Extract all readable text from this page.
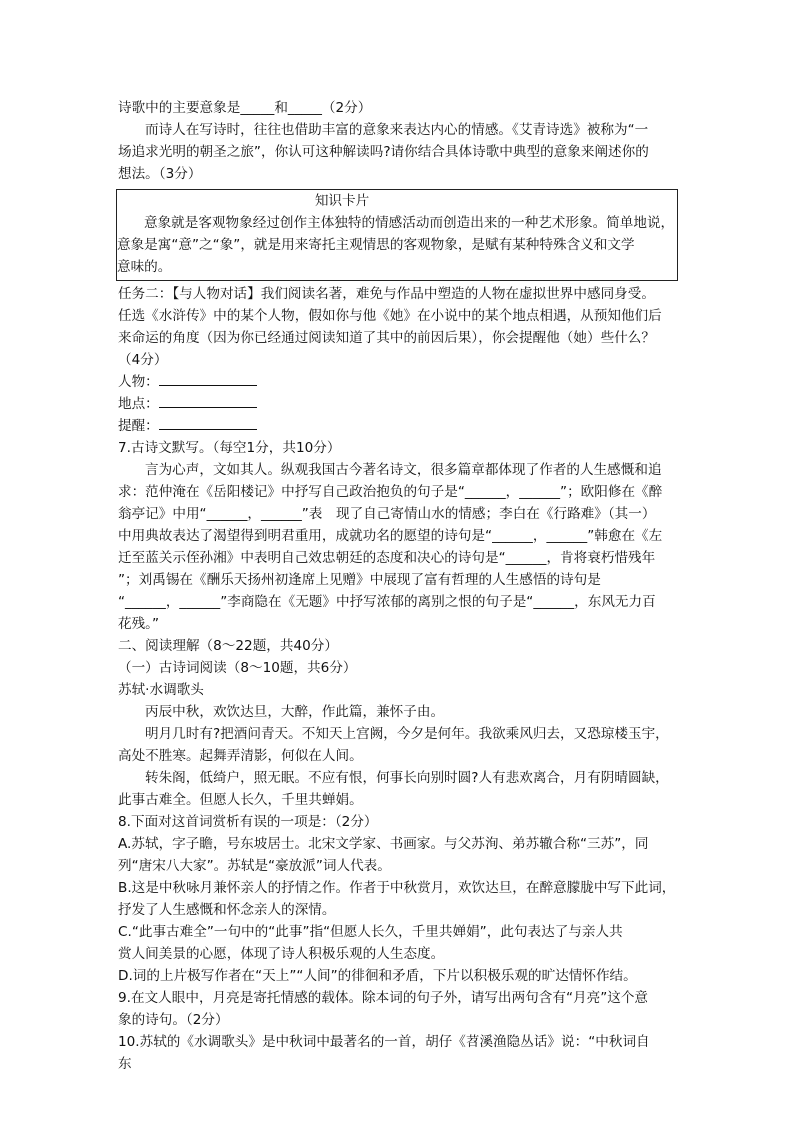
诗歌中的主要意象是_____和_____（2分）

而诗人在写诗时，往往也借助丰富的意象来表达内心的情感。《艾青诗选》被称为“一

场追求光明的朝圣之旅”，你认可这种解读吗?请你结合具体诗歌中典型的意象来阐述你的

想法。（3分）

知识卡片

意象就是客观物象经过创作主体独特的情感活动而创造出来的一种艺术形象。简单地说，

意象是寓“意”之“象”，就是用来寄托主观情思的客观物象，是赋有某种特殊含义和文学

意味的。

任务二：【与人物对话】我们阅读名著，难免与作品中塑造的人物在虚拟世界中感同身受。

任选《水浒传》中的某个人物，假如你与他《她》在小说中的某个地点相遇，从预知他们后

来命运的角度（因为你已经通过阅读知道了其中的前因后果），你会提醒他（她）些什么？

（4分）

人物：

地点：

提醒：

7.古诗文默写。（每空1分，共10分）

言为心声，文如其人。纵观我国古今著名诗文，很多篇章都体现了作者的人生感慨和追

求：范仲淹在《岳阳楼记》中抒写自己政治抱负的句子是“______，______”；欧阳修在《醉

翁亭记》中用“______，______”表　现了自己寄情山水的情感；李白在《行路难》（其一）

中用典故表达了渴望得到明君重用，成就功名的愿望的诗句是“______，______”韩愈在《左

迁至蓝关示侄孙湘》中表明自己效忠朝廷的态度和决心的诗句是“______，肯将衰朽惜残年

”；刘禹锡在《酬乐天扬州初逢席上见赠》中展现了富有哲理的人生感悟的诗句是

“______，______”李商隐在《无题》中抒写浓郁的离别之恨的句子是“______，东风无力百

花残。”

二、阅读理解（8～22题，共40分）

（一）古诗词阅读（8～10题，共6分）

苏轼·水调歌头

丙辰中秋，欢饮达旦，大醉，作此篇，兼怀子由。

明月几时有?把酒问青天。不知天上宫阙，今夕是何年。我欲乘风归去，又恐琼楼玉宇，

高处不胜寒。起舞弄清影，何似在人间。

转朱阁，低绮户，照无眠。不应有恨，何事长向别时圆?人有悲欢离合，月有阴晴圆缺，

此事古难全。但愿人长久，千里共蝉娟。

8.下面对这首词赏析有误的一项是：（2分）

A.苏轼，字子瞻，号东坡居士。北宋文学家、书画家。与父苏洵、弟苏辙合称“三苏”，同

列“唐宋八大家”。苏轼是“豪放派”词人代表。

B.这是中秋咏月兼怀亲人的抒情之作。作者于中秋赏月，欢饮达旦，在醉意朦胧中写下此词，

抒发了人生感慨和怀念亲人的深情。

C.“此事古难全”一句中的“此事”指“但愿人长久，千里共婵娟”，此句表达了与亲人共

赏人间美景的心愿，体现了诗人积极乐观的人生态度。

D.词的上片极写作者在“天上”“人间”的徘徊和矛盾，下片以积极乐观的旷达情怀作结。

9.在文人眼中，月亮是寄托情感的载体。除本词的句子外，请写出两句含有“月亮”这个意

象的诗句。（2分）

10.苏轼的《水调歌头》是中秋词中最著名的一首，胡仔《苕溪渔隐丛话》说：“中秋词自

东
